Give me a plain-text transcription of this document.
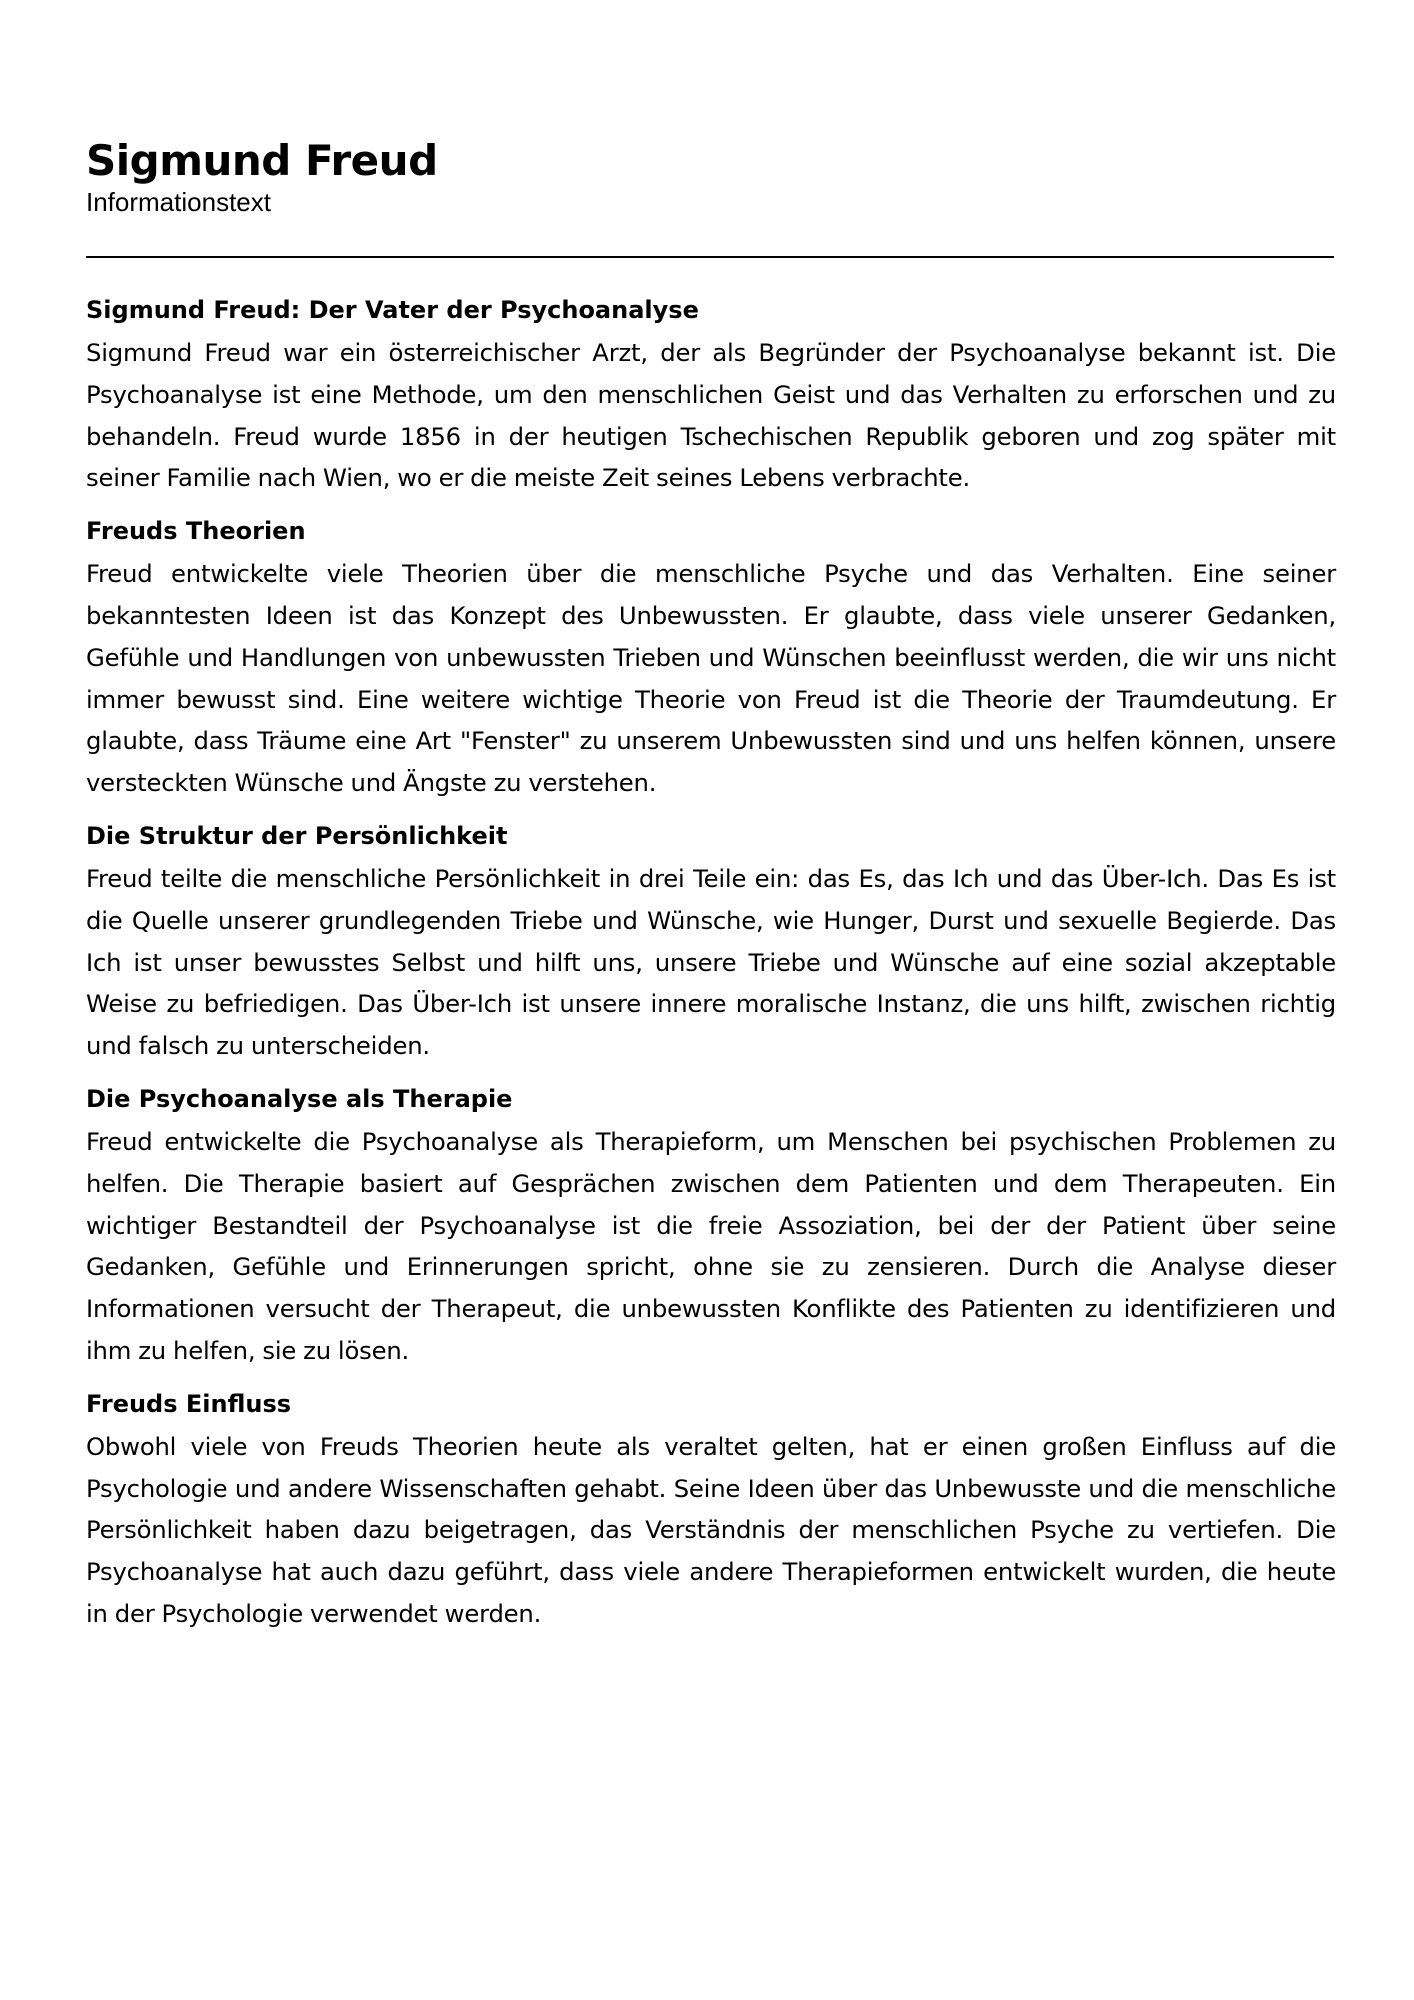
Sigmund Freud

Informationstext

Sigmund Freud: Der Vater der Psychoanalyse

Sigmund Freud war ein österreichischer Arzt, der als Begründer der Psychoanalyse bekannt ist. Die Psychoanalyse ist eine Methode, um den menschlichen Geist und das Verhalten zu erforschen und zu behandeln. Freud wurde 1856 in der heutigen Tschechischen Republik geboren und zog später mit seiner Familie nach Wien, wo er die meiste Zeit seines Lebens verbrachte.

Freuds Theorien

Freud entwickelte viele Theorien über die menschliche Psyche und das Verhalten. Eine seiner bekanntesten Ideen ist das Konzept des Unbewussten. Er glaubte, dass viele unserer Gedanken, Gefühle und Handlungen von unbewussten Trieben und Wünschen beeinflusst werden, die wir uns nicht immer bewusst sind. Eine weitere wichtige Theorie von Freud ist die Theorie der Traumdeutung. Er glaubte, dass Träume eine Art "Fenster" zu unserem Unbewussten sind und uns helfen können, unsere versteckten Wünsche und Ängste zu verstehen.

Die Struktur der Persönlichkeit

Freud teilte die menschliche Persönlichkeit in drei Teile ein: das Es, das Ich und das Über-Ich. Das Es ist die Quelle unserer grundlegenden Triebe und Wünsche, wie Hunger, Durst und sexuelle Begierde. Das Ich ist unser bewusstes Selbst und hilft uns, unsere Triebe und Wünsche auf eine sozial akzeptable Weise zu befriedigen. Das Über-Ich ist unsere innere moralische Instanz, die uns hilft, zwischen richtig und falsch zu unterscheiden.

Die Psychoanalyse als Therapie

Freud entwickelte die Psychoanalyse als Therapieform, um Menschen bei psychischen Problemen zu helfen. Die Therapie basiert auf Gesprächen zwischen dem Patienten und dem Therapeuten. Ein wichtiger Bestandteil der Psychoanalyse ist die freie Assoziation, bei der der Patient über seine Gedanken, Gefühle und Erinnerungen spricht, ohne sie zu zensieren. Durch die Analyse dieser Informationen versucht der Therapeut, die unbewussten Konflikte des Patienten zu identifizieren und ihm zu helfen, sie zu lösen.

Freuds Einfluss

Obwohl viele von Freuds Theorien heute als veraltet gelten, hat er einen großen Einfluss auf die Psychologie und andere Wissenschaften gehabt. Seine Ideen über das Unbewusste und die menschliche Persönlichkeit haben dazu beigetragen, das Verständnis der menschlichen Psyche zu vertiefen. Die Psychoanalyse hat auch dazu geführt, dass viele andere Therapieformen entwickelt wurden, die heute in der Psychologie verwendet werden.
